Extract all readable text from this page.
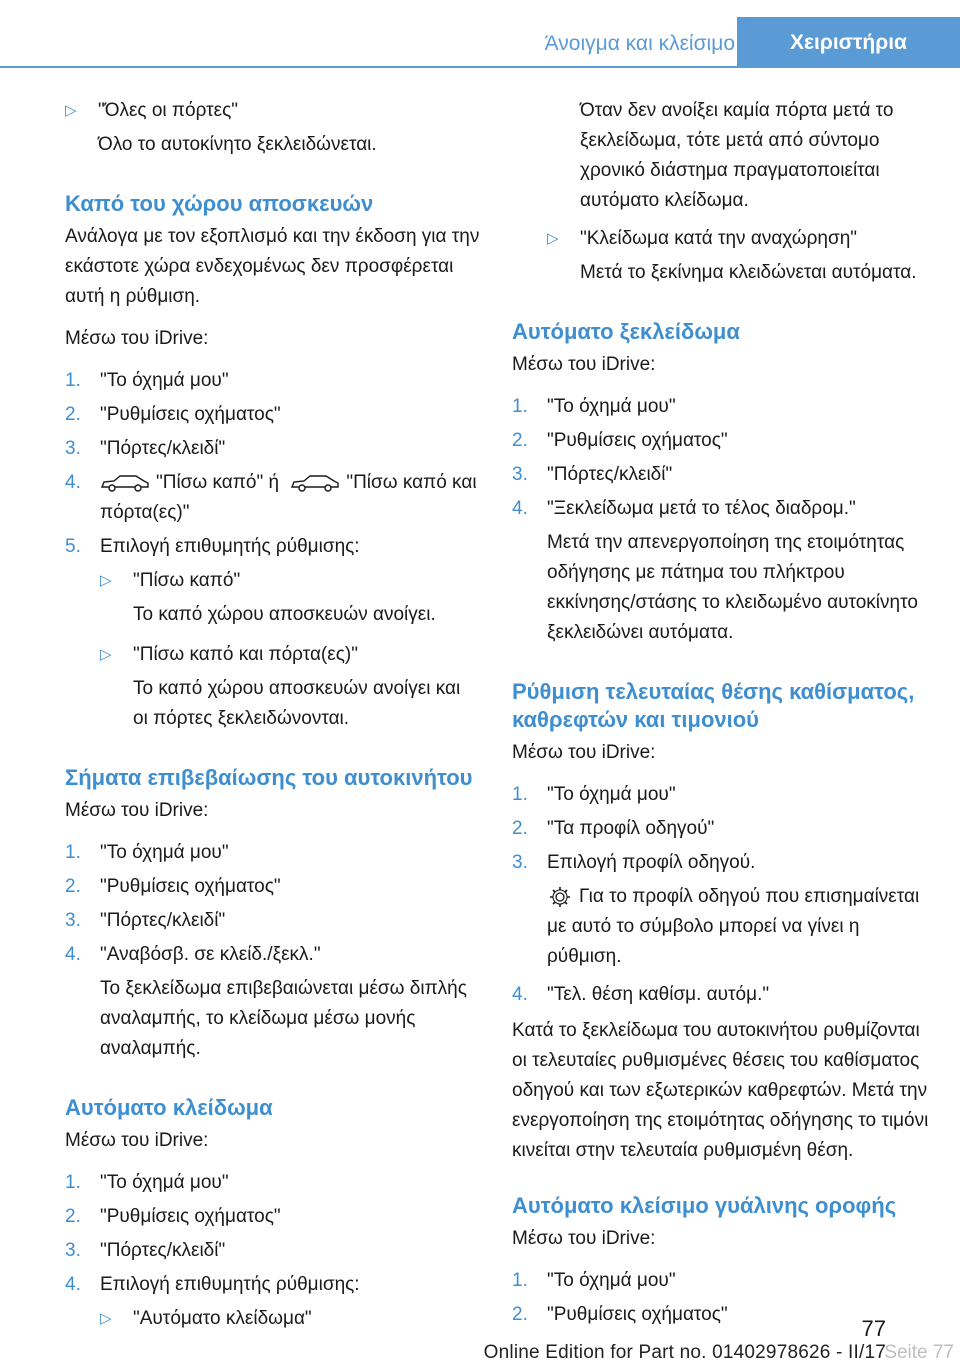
Άνοιγμα και κλείσιμο	Χειριστήρια
▷	"Όλες οι πόρτες"
Όλο το αυτοκίνητο ξεκλειδώνεται.
Καπό του χώρου αποσκευών
Ανάλογα με τον εξοπλισμό και την έκδοση για την εκάστοτε χώρα ενδεχομένως δεν προσφέρεται αυτή η ρύθμιση.
Μέσω του iDrive:
1.	"Το όχημά μου"
2.	"Ρυθμίσεις οχήματος"
3.	"Πόρτες/κλειδί"
4.	"Πίσω καπό" ή	"Πίσω καπό και πόρτα(ες)"
5.	Επιλογή επιθυμητής ρύθμισης:
▷	"Πίσω καπό"
Το καπό χώρου αποσκευών ανοίγει.
▷	"Πίσω καπό και πόρτα(ες)"
Το καπό χώρου αποσκευών ανοίγει και οι πόρτες ξεκλειδώνονται.
Σήματα επιβεβαίωσης του αυτοκινήτου
Μέσω του iDrive:
1.	"Το όχημά μου"
2.	"Ρυθμίσεις οχήματος"
3.	"Πόρτες/κλειδί"
4.	"Αναβόσβ. σε κλείδ./ξεκλ."
Το ξεκλείδωμα επιβεβαιώνεται μέσω διπλής αναλαμπής, το κλείδωμα μέσω μονής αναλαμπής.
Αυτόματο κλείδωμα
Μέσω του iDrive:
1.	"Το όχημά μου"
2.	"Ρυθμίσεις οχήματος"
3.	"Πόρτες/κλειδί"
4.	Επιλογή επιθυμητής ρύθμισης:
▷	"Αυτόματο κλείδωμα"
Όταν δεν ανοίξει καμία πόρτα μετά το ξεκλείδωμα, τότε μετά από σύντομο χρονικό διάστημα πραγματοποιείται αυτόματο κλείδωμα.
▷	"Κλείδωμα κατά την αναχώρηση"
Μετά το ξεκίνημα κλειδώνεται αυτόματα.
Αυτόματο ξεκλείδωμα
Μέσω του iDrive:
1.	"Το όχημά μου"
2.	"Ρυθμίσεις οχήματος"
3.	"Πόρτες/κλειδί"
4.	"Ξεκλείδωμα μετά το τέλος διαδρομ."
Μετά την απενεργοποίηση της ετοιμότητας οδήγησης με πάτημα του πλήκτρου εκκίνησης/στάσης το κλειδωμένο αυτοκίνητο ξεκλειδώνει αυτόματα.
Ρύθμιση τελευταίας θέσης καθίσματος, καθρεφτών και τιμονιού
Μέσω του iDrive:
1.	"Το όχημά μου"
2.	"Τα προφίλ οδηγού"
3.	Επιλογή προφίλ οδηγού.
Για το προφίλ οδηγού που επισημαίνεται με αυτό το σύμβολο μπορεί να γίνει η ρύθμιση.
4.	"Τελ. θέση καθίσμ. αυτόμ."
Κατά το ξεκλείδωμα του αυτοκινήτου ρυθμίζονται οι τελευταίες ρυθμισμένες θέσεις του καθίσματος οδηγού και των εξωτερικών καθρεφτών. Μετά την ενεργοποίηση της ετοιμότητας οδήγησης το τιμόνι κινείται στην τελευταία ρυθμισμένη θέση.
Αυτόματο κλείσιμο γυάλινης οροφής
Μέσω του iDrive:
1.	"Το όχημά μου"
2.	"Ρυθμίσεις οχήματος"
77
Seite 77
Online Edition for Part no. 01402978626 - II/17
